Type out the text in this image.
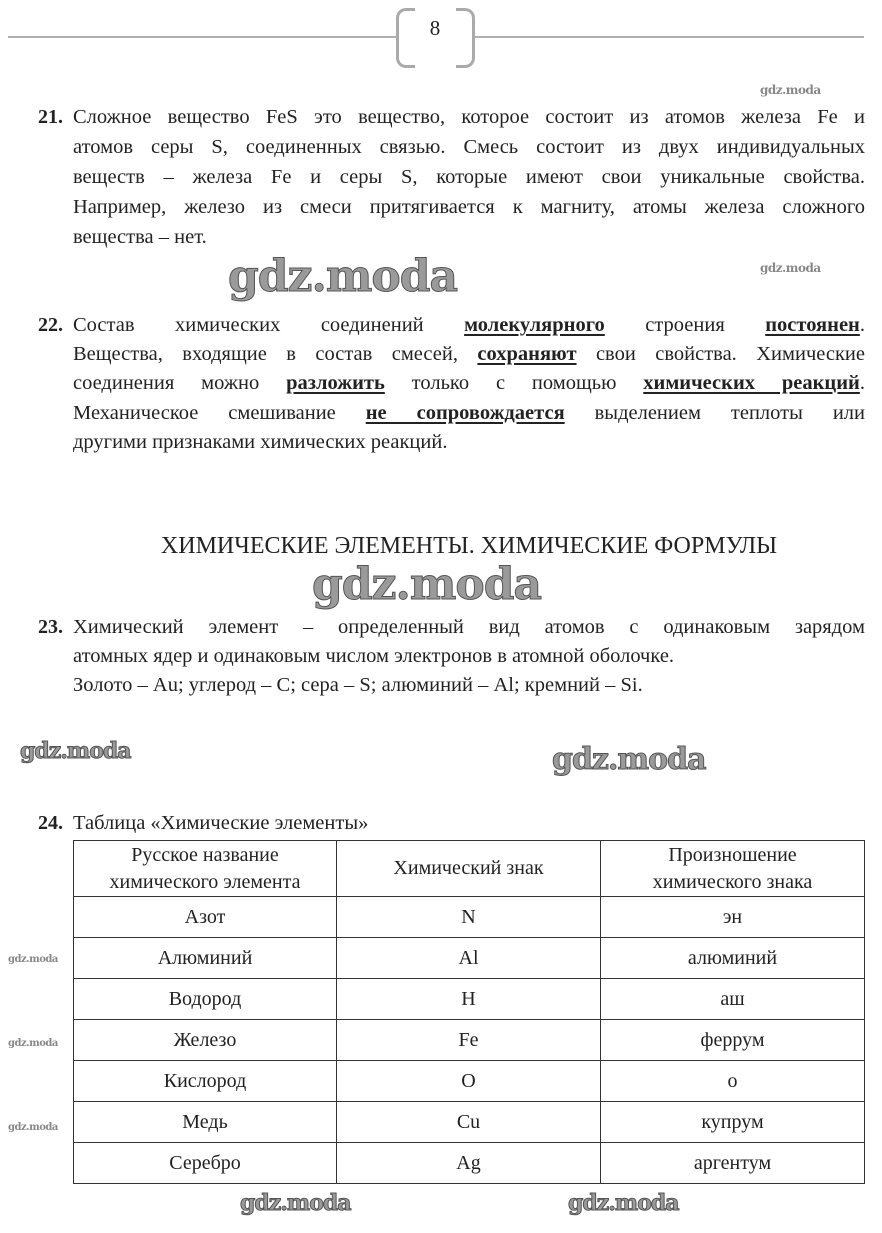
8
21. Сложное вещество FeS это вещество, которое состоит из атомов железа Fe и
атомов серы S, соединенных связью. Смесь состоит из двух индивидуальных
веществ – железа Fe и серы S, которые имеют свои уникальные свойства.
Например, железо из смеси притягивается к магниту, атомы железа сложного
вещества – нет.
22. Состав химических соединений молекулярного строения постоянен.
Вещества, входящие в состав смесей, сохраняют свои свойства. Химические
соединения можно разложить только с помощью химических реакций.
Механическое смешивание не сопровождается выделением теплоты или
другими признаками химических реакций.
ХИМИЧЕСКИЕ ЭЛЕМЕНТЫ. ХИМИЧЕСКИЕ ФОРМУЛЫ
23. Химический элемент – определенный вид атомов с одинаковым зарядом
атомных ядер и одинаковым числом электронов в атомной оболочке.
Золото – Au; углерод – C; сера – S; алюминий – Al; кремний – Si.
24. Таблица «Химические элементы»
Русское название
химического элемента	Химический знак	Произношение
химического знака
Азот	N	эн
Алюминий	Al	алюминий
Водород	H	аш
Железо	Fe	феррум
Кислород	O	о
Медь	Cu	купрум
Серебро	Ag	аргентум
gdz.moda
gdz.moda
gdz.moda	gdz.moda
gdz.moda	gdz.moda
gdz.moda
gdz.moda
gdz.moda
gdz.moda
gdz.moda
